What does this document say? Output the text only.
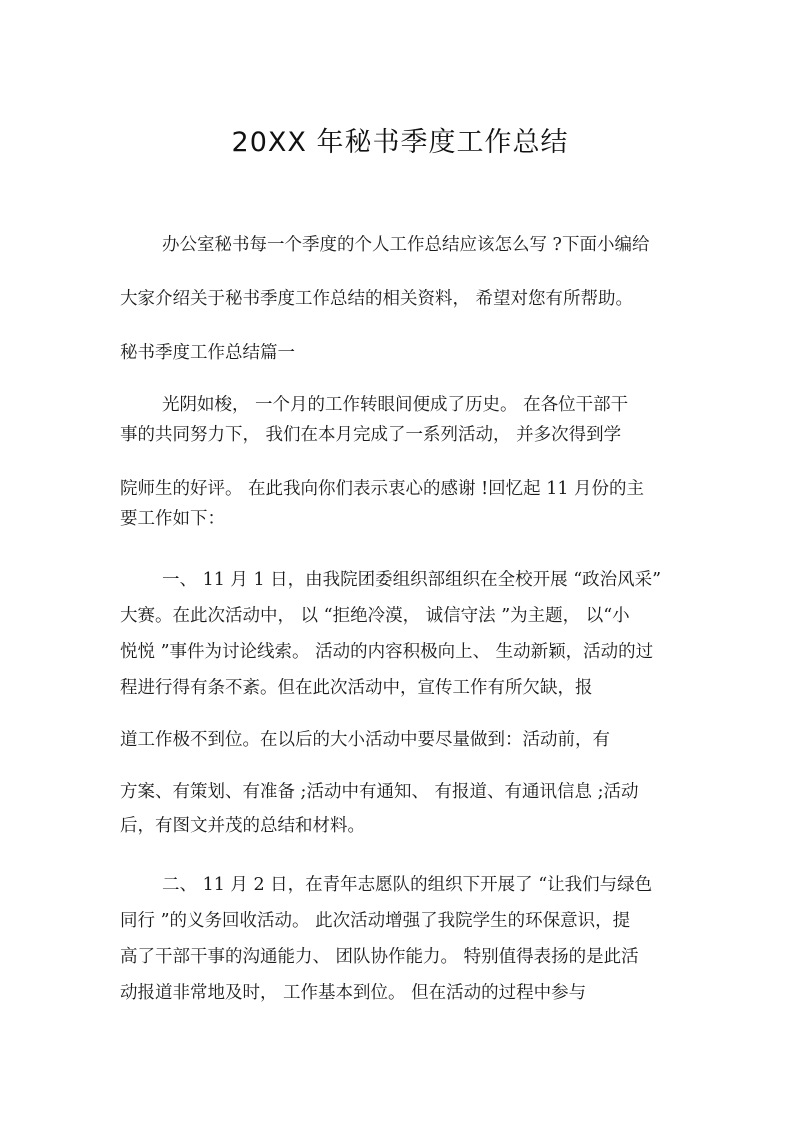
20XX 年秘书季度工作总结
办公室秘书每一个季度的个人工作总结应该怎么写 ?下面小编给
大家介绍关于秘书季度工作总结的相关资料， 希望对您有所帮助。
秘书季度工作总结篇一
光阴如梭， 一个月的工作转眼间便成了历史。 在各位干部干
事的共同努力下， 我们在本月完成了一系列活动， 并多次得到学
院师生的好评。 在此我向你们表示衷心的感谢 !回忆起 11 月份的主
要工作如下：
一、 11 月 1 日，由我院团委组织部组织在全校开展 “政治风采”
大赛。在此次活动中， 以 “拒绝冷漠， 诚信守法 ”为主题， 以“小
悦悦 ”事件为讨论线索。 活动的内容积极向上、 生动新颖，活动的过
程进行得有条不紊。但在此次活动中，宣传工作有所欠缺，报
道工作极不到位。在以后的大小活动中要尽量做到：活动前，有
方案、有策划、有准备 ;活动中有通知、 有报道、有通讯信息 ;活动
后，有图文并茂的总结和材料。
二、 11 月 2 日，在青年志愿队的组织下开展了 “让我们与绿色
同行 ”的义务回收活动。 此次活动增强了我院学生的环保意识，提
高了干部干事的沟通能力、 团队协作能力。 特别值得表扬的是此活
动报道非常地及时， 工作基本到位。 但在活动的过程中参与
